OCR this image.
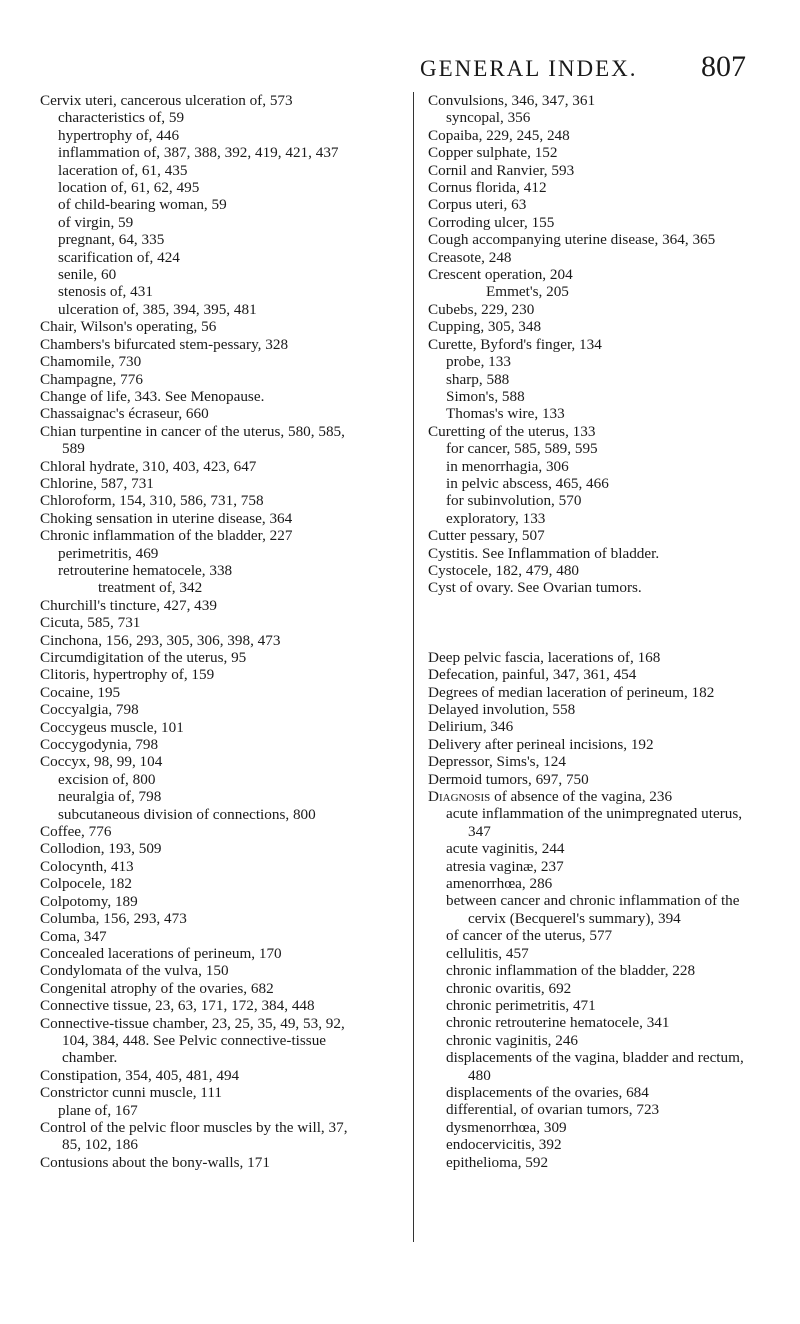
GENERAL INDEX. 807

Cervix uteri, cancerous ulceration of, 573

characteristics of, 59

hypertrophy of, 446

inflammation of, 387, 388, 392, 419, 421, 437

laceration of, 61, 435

location of, 61, 62, 495

of child-bearing woman, 59

of virgin, 59

pregnant, 64, 335

scarification of, 424

senile, 60

stenosis of, 431

ulceration of, 385, 394, 395, 481

Chair, Wilson's operating, 56

Chambers's bifurcated stem-pessary, 328

Chamomile, 730

Champagne, 776

Change of life, 343. See Menopause.

Chassaignac's écraseur, 660

Chian turpentine in cancer of the uterus, 580, 585, 589

Chloral hydrate, 310, 403, 423, 647

Chlorine, 587, 731

Chloroform, 154, 310, 586, 731, 758

Choking sensation in uterine disease, 364

Chronic inflammation of the bladder, 227

perimetritis, 469

retrouterine hematocele, 338

treatment of, 342

Churchill's tincture, 427, 439

Cicuta, 585, 731

Cinchona, 156, 293, 305, 306, 398, 473

Circumdigitation of the uterus, 95

Clitoris, hypertrophy of, 159

Cocaine, 195

Coccyalgia, 798

Coccygeus muscle, 101

Coccygodynia, 798

Coccyx, 98, 99, 104

excision of, 800

neuralgia of, 798

subcutaneous division of connections, 800

Coffee, 776

Collodion, 193, 509

Colocynth, 413

Colpocele, 182

Colpotomy, 189

Columba, 156, 293, 473

Coma, 347

Concealed lacerations of perineum, 170

Condylomata of the vulva, 150

Congenital atrophy of the ovaries, 682

Connective tissue, 23, 63, 171, 172, 384, 448

Connective-tissue chamber, 23, 25, 35, 49, 53, 92, 104, 384, 448. See Pelvic connective-tissue chamber.

Constipation, 354, 405, 481, 494

Constrictor cunni muscle, 111

plane of, 167

Control of the pelvic floor muscles by the will, 37, 85, 102, 186

Contusions about the bony-walls, 171

Convulsions, 346, 347, 361

syncopal, 356

Copaiba, 229, 245, 248

Copper sulphate, 152

Cornil and Ranvier, 593

Cornus florida, 412

Corpus uteri, 63

Corroding ulcer, 155

Cough accompanying uterine disease, 364, 365

Creasote, 248

Crescent operation, 204

Emmet's, 205

Cubebs, 229, 230

Cupping, 305, 348

Curette, Byford's finger, 134

probe, 133

sharp, 588

Simon's, 588

Thomas's wire, 133

Curetting of the uterus, 133

for cancer, 585, 589, 595

in menorrhagia, 306

in pelvic abscess, 465, 466

for subinvolution, 570

exploratory, 133

Cutter pessary, 507

Cystitis. See Inflammation of bladder.

Cystocele, 182, 479, 480

Cyst of ovary. See Ovarian tumors.

Deep pelvic fascia, lacerations of, 168

Defecation, painful, 347, 361, 454

Degrees of median laceration of perineum, 182

Delayed involution, 558

Delirium, 346

Delivery after perineal incisions, 192

Depressor, Sims's, 124

Dermoid tumors, 697, 750

Diagnosis of absence of the vagina, 236

acute inflammation of the unimpregnated uterus, 347

acute vaginitis, 244

atresia vaginæ, 237

amenorrhœa, 286

between cancer and chronic inflammation of the cervix (Becquerel's summary), 394

of cancer of the uterus, 577

cellulitis, 457

chronic inflammation of the bladder, 228

chronic ovaritis, 692

chronic perimetritis, 471

chronic retrouterine hematocele, 341

chronic vaginitis, 246

displacements of the vagina, bladder and rectum, 480

displacements of the ovaries, 684

differential, of ovarian tumors, 723

dysmenorrhœa, 309

endocervicitis, 392

epithelioma, 592
